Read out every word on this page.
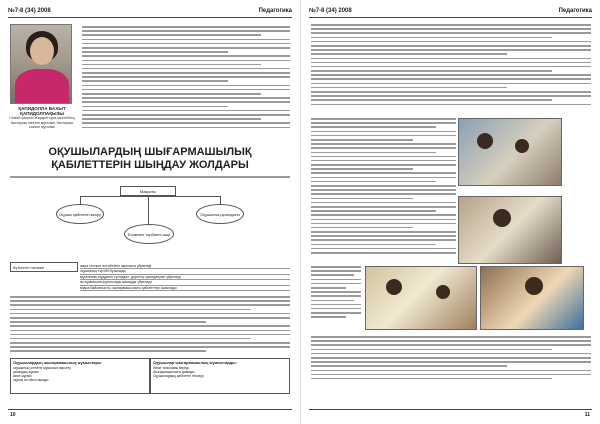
№7-8 (34) 2008	Педагогика
ҚАПИДОЛЛА БАХЫТ ҚАПИДОЛЛАҚЫЗЫ
Семей қаласы Жарқын орта мектебінің бастауыш мектеп мұғалімі, бастауыш сынып мұғалімі
ОҚУШЫЛАРДЫҢ ШЫҒАРМАШЫЛЫҚ ҚАБІЛЕТТЕРІН ШЫҢДАУ ЖОЛДАРЫ
Мақсаты
Оқушы қабілетін көору	Оқушының қиялдығы
Білімнен тәрбиені ашу
Күтілетін нәтиже	жаңа стильге енгізбейтін ақысатса үйренеді
оқушының тәртібі бұзылады
мұғалімнің мүддесін түсіндіріп, дәрістің орындалуын үйренеді
өз жұмысына қорытынды жасауды үйренеді
өзара байланысты, шығармашылығы қабілеттері ашылады
Оқушылардың шығармашылық жұмыстары
оқушының істейтін жұмысын көрсету
ұжымдық жұмыс
жеке жұмыс
оқушы өз ойын ашады
Оқушылар шығармашылық жұмыстарды:
Жеке тапсырма береді
Шығармашылығы дамиды
Оқушылардың қабілетін тексеру
10
№7-8 (34) 2008	Педагогика
11
